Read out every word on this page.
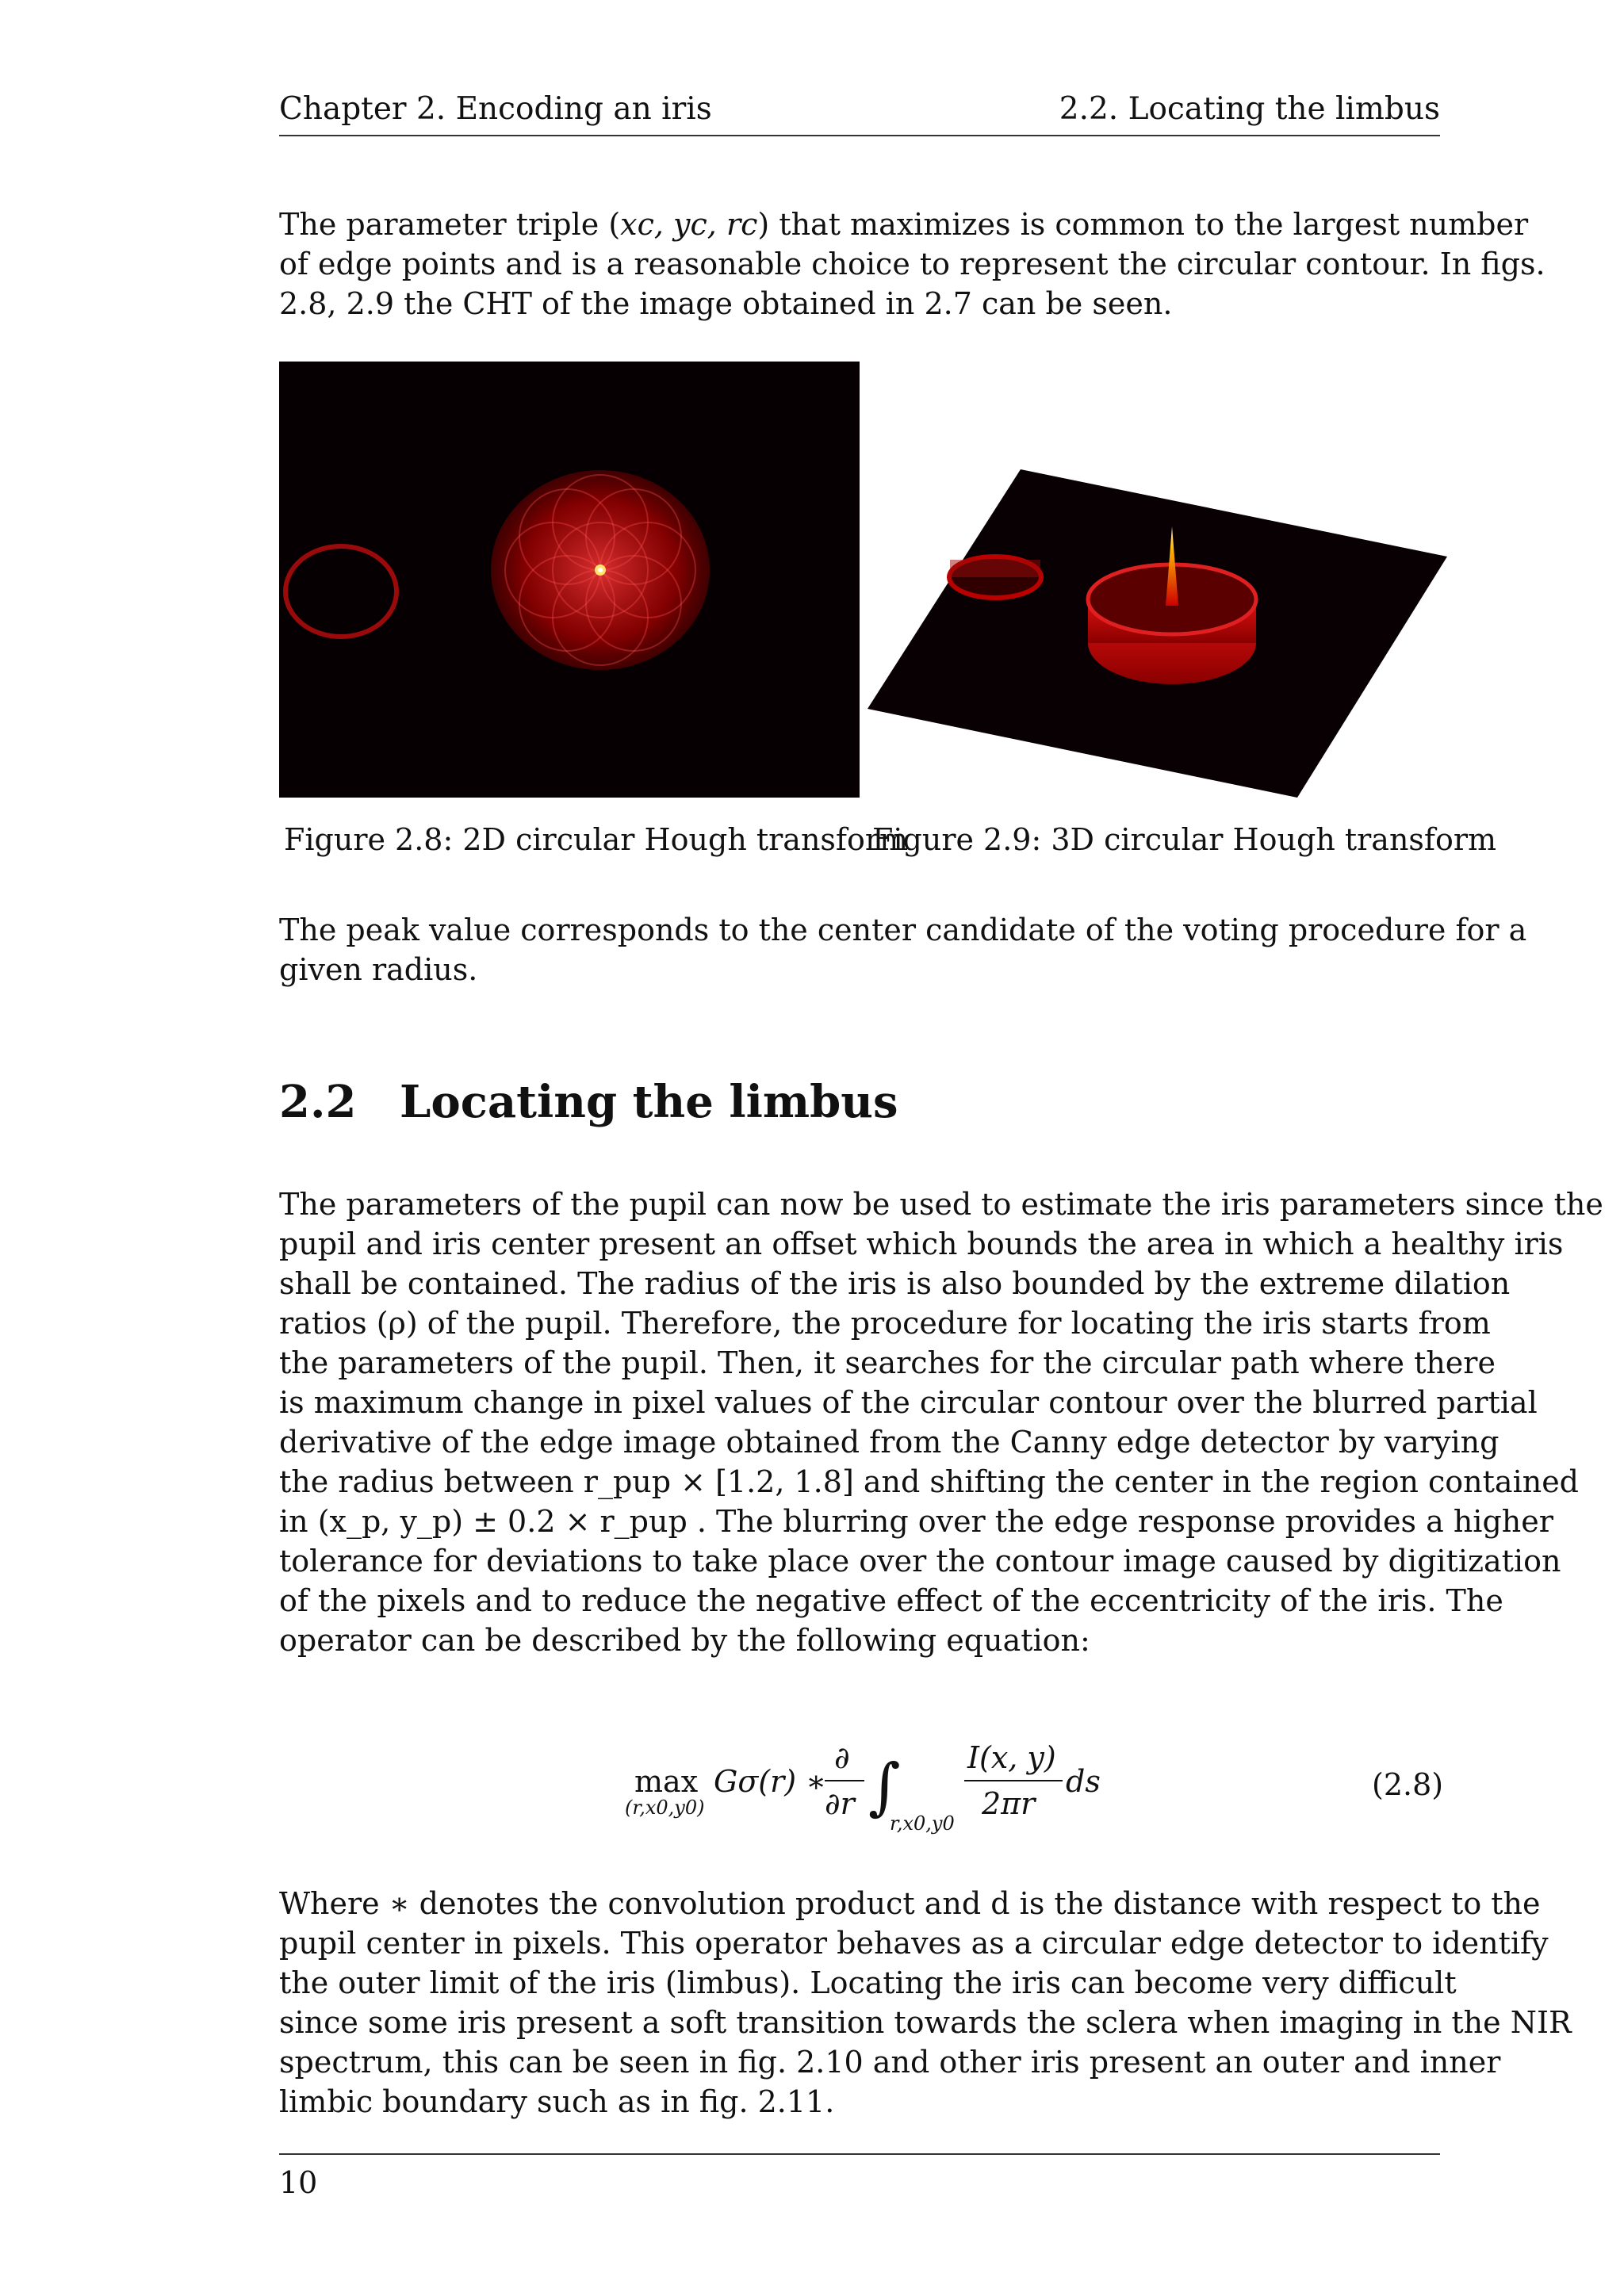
Chapter 2. Encoding an iris	2.2. Locating the limbus
The parameter triple (xc, yc, rc) that maximizes is common to the largest number
of edge points and is a reasonable choice to represent the circular contour. In figs.
2.8, 2.9 the CHT of the image obtained in 2.7 can be seen.
Figure 2.8: 2D circular Hough transform
Figure 2.9: 3D circular Hough transform
The peak value corresponds to the center candidate of the voting procedure for a
given radius.
2.2 Locating the limbus
The parameters of the pupil can now be used to estimate the iris parameters since the
pupil and iris center present an offset which bounds the area in which a healthy iris
shall be contained. The radius of the iris is also bounded by the extreme dilation
ratios (ρ) of the pupil. Therefore, the procedure for locating the iris starts from
the parameters of the pupil. Then, it searches for the circular path where there
is maximum change in pixel values of the circular contour over the blurred partial
derivative of the edge image obtained from the Canny edge detector by varying
the radius between r_pup × [1.2, 1.8] and shifting the center in the region contained
in (x_p, y_p) ± 0.2 × r_pup . The blurring over the edge response provides a higher
tolerance for deviations to take place over the contour image caused by digitization
of the pixels and to reduce the negative effect of the eccentricity of the iris. The
operator can be described by the following equation:
max
(r,x0,y0)
Gσ(r) ∗
∂
∂r ∫
r,x0,y0
I(x, y)
2πr
ds	(2.8)
Where ∗ denotes the convolution product and d is the distance with respect to the
pupil center in pixels. This operator behaves as a circular edge detector to identify
the outer limit of the iris (limbus). Locating the iris can become very difficult
since some iris present a soft transition towards the sclera when imaging in the NIR
spectrum, this can be seen in fig. 2.10 and other iris present an outer and inner
limbic boundary such as in fig. 2.11.
10
